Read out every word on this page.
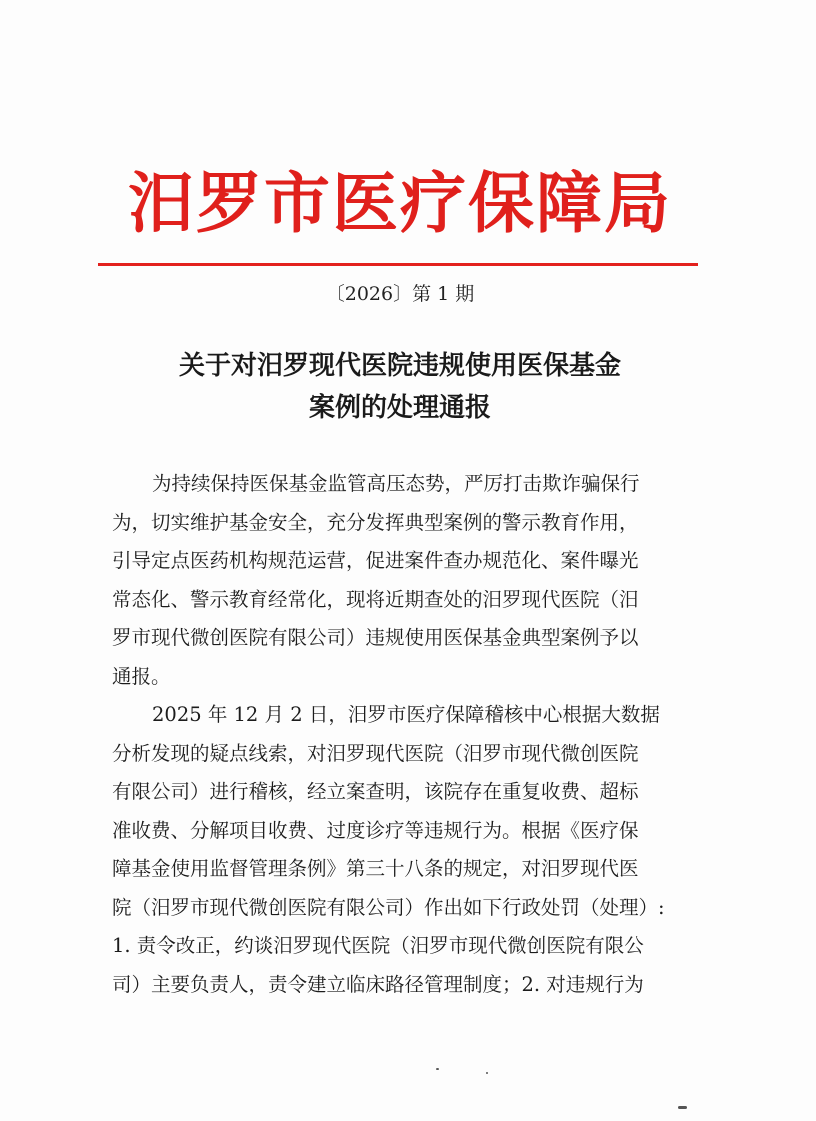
汨罗市医疗保障局
〔2026〕第 1 期
关于对汨罗现代医院违规使用医保基金
案例的处理通报
为持续保持医保基金监管高压态势，严厉打击欺诈骗保行
为，切实维护基金安全，充分发挥典型案例的警示教育作用，
引导定点医药机构规范运营，促进案件查办规范化、案件曝光
常态化、警示教育经常化，现将近期查处的汨罗现代医院（汨
罗市现代微创医院有限公司）违规使用医保基金典型案例予以
通报。
2025 年 12 月 2 日，汨罗市医疗保障稽核中心根据大数据
分析发现的疑点线索，对汨罗现代医院（汨罗市现代微创医院
有限公司）进行稽核，经立案查明，该院存在重复收费、超标
准收费、分解项目收费、过度诊疗等违规行为。根据《医疗保
障基金使用监督管理条例》第三十八条的规定，对汨罗现代医
院（汨罗市现代微创医院有限公司）作出如下行政处罚（处理）:
1. 责令改正，约谈汨罗现代医院（汨罗市现代微创医院有限公
司）主要负责人，责令建立临床路径管理制度；2. 对违规行为
